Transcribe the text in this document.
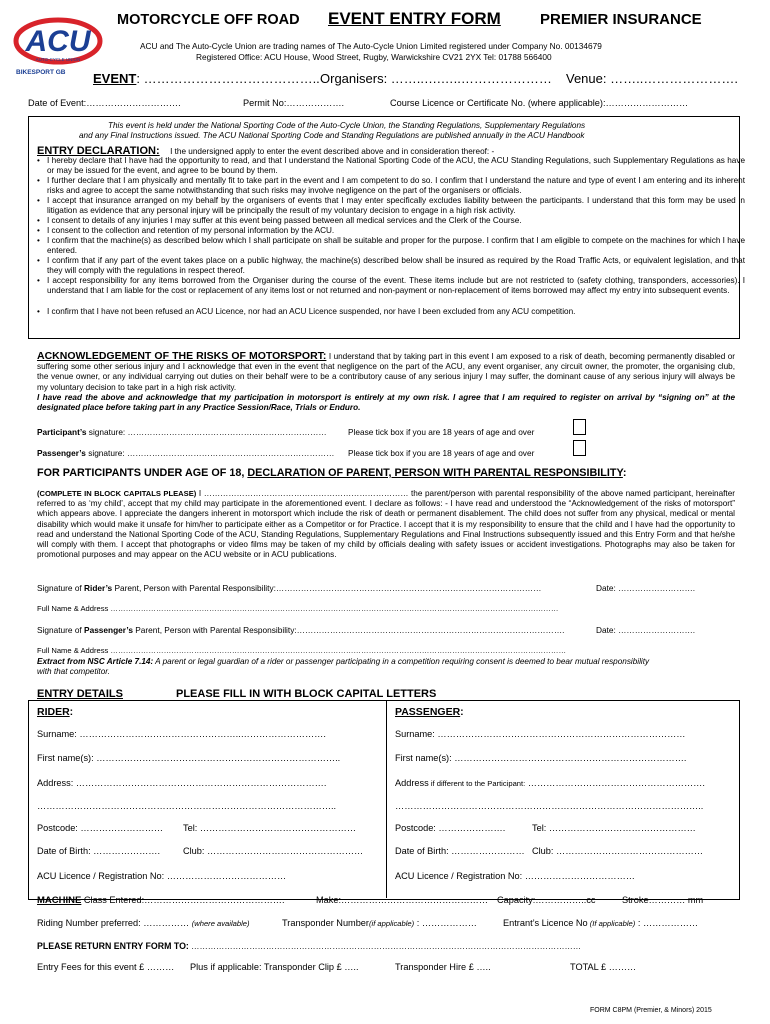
ACU
AUTO-CYCLE UNION
BIKESPORT GB
MOTORCYCLE OFF ROAD EVENT ENTRY FORM	PREMIER INSURANCE
ACU and The Auto-Cycle Union are trading names of The Auto-Cycle Union Limited registered under Company No. 00134679
Registered Office: ACU House, Wood Street, Rugby, Warwickshire CV21 2YX Tel: 01788 566400
EVENT: ………………………………….. Organisers: ……..….…..………………… Venue: ……..………………….
Date of Event:………………………….	Permit No:……………….	Course Licence or Certificate No. (where applicable):………………………
This event is held under the National Sporting Code of the Auto-Cycle Union, the Standing Regulations, Supplementary Regulations
and any Final Instructions issued. The ACU National Sporting Code and Standing Regulations are published annually in the ACU Handbook
ENTRY DECLARATION: I the undersigned apply to enter the event described above and in consideration thereof: -
• I hereby declare that I have had the opportunity to read, and that I understand the National Sporting Code of the ACU, the ACU Standing Regulations, such Supplementary Regulations as have or may be issued for the event, and agree to be bound by them.
• I further declare that I am physically and mentally fit to take part in the event and I am competent to do so. I confirm that I understand the nature and type of event I am entering and its inherent risks and agree to accept the same notwithstanding that such risks may involve negligence on the part of the organisers or officials.
• I accept that insurance arranged on my behalf by the organisers of events that I may enter specifically excludes liability between the participants. I understand that this form may be used in litigation as evidence that any personal injury will be principally the result of my voluntary decision to engage in a high risk activity.
• I consent to details of any injuries I may suffer at this event being passed between all medical services and the Clerk of the Course.
• I consent to the collection and retention of my personal information by the ACU.
• I confirm that the machine(s) as described below which I shall participate on shall be suitable and proper for the purpose. I confirm that I am eligible to compete on the machines for which I have entered.
• I confirm that if any part of the event takes place on a public highway, the machine(s) described below shall be insured as required by the Road Traffic Acts, or equivalent legislation, and that they will comply with the regulations in respect thereof.
• I accept responsibility for any items borrowed from the Organiser during the course of the event. These items include but are not restricted to (safety clothing, transponders, accessories). I understand that I am liable for the cost or replacement of any items lost or not returned and non-payment or non-replacement of items borrowed may affect my entry into subsequent events.
• I confirm that I have not been refused an ACU Licence, nor had an ACU Licence suspended, nor have I been excluded from any ACU competition.
ACKNOWLEDGEMENT OF THE RISKS OF MOTORSPORT: I understand that by taking part in this event I am exposed to a risk of death, becoming permanently disabled or suffering some other serious injury and I acknowledge that even in the event that negligence on the part of the ACU, any event organiser, any circuit owner, the promoter, the organising club, the venue owner, or any individual carrying out duties on their behalf were to be a contributory cause of any serious injury I may suffer, the dominant cause of any serious injury will always be my voluntary decision to take part in a high risk activity.
I have read the above and acknowledge that my participation in motorsport is entirely at my own risk. I agree that I am required to register on arrival by “signing on” at the designated place before taking part in any Practice Session/Race, Trials or Enduro.
Participant’s signature: ………………………………………………………………	Please tick box if you are 18 years of age and over
Passenger’s signature: ………………………………………………………………… Please tick box if you are 18 years of age and over
FOR PARTICIPANTS UNDER AGE OF 18, DECLARATION OF PARENT, PERSON WITH PARENTAL RESPONSIBILITY:
(COMPLETE IN BLOCK CAPITALS PLEASE) I ………………………………………………………………… the parent/person with parental responsibility of the above named participant, hereinafter referred to as ‘my child’, accept that my child may participate in the aforementioned event. I declare as follows: - I have read and understood the “Acknowledgement of the risks of motorsport” which appears above. I appreciate the dangers inherent in motorsport which include the risk of death or permanent disablement. The child does not suffer from any physical, medical or mental disability which would make it unsafe for him/her to participate either as a Competitor or for Practice. I accept that it is my responsibility to ensure that the child and I have had the opportunity to read and understand the National Sporting Code of the ACU, Standing Regulations, Supplementary Regulations and Final Instructions subsequently issued and this Entry Form and that he/she will comply with them. I accept that photographs or video films may be taken of my child by officials dealing with safety issues or accident investigations. Photographs may also be taken for promotional purposes and may appear on the ACU website or in ACU publications.
Signature of Rider’s Parent, Person with Parental Responsibility:……………………………………………………………………………………	Date: ……………………….
Full Name & Address ……………………………………………………………………………………………………………………………………………………………
Signature of Passenger’s Parent, Person with Parental Responsibility:…………………………………………………………………………………….	Date: ……………………….
Full Name & Address ………………………………………………………………………………………………………………………………………………………………
Extract from NSC Article 7.14: A parent or legal guardian of a rider or passenger participating in a competition requiring consent is deemed to bear mutual responsibility
with that competitor.
ENTRY DETAILS	PLEASE FILL IN WITH BLOCK CAPITAL LETTERS
RIDER:	PASSENGER:
Surname: ……………………………………………..……………………….
First name(s): ……………………………………………………………………..
Address: ……………………………………………………………………….
……………………………………………………………………………………..
Postcode: ……………………… Tel: ……………………………………………
Date of Birth: …………………. Club: ……………………………………………
ACU Licence / Registration No: …………………………………
Surname: ………………………………………………………………………
First name(s): ………………………………………………………………….
Address if different to the Participant: ………………………………………………….
………………………………………………………………………………………..
Postcode: ………………….	Tel: …………………………………………
Date of Birth: …………………… Club: …………………………………………
ACU Licence / Registration No: ………………………………
MACHINE Class Entered:……………………………………….	Make:………………………………………… Capacity:……………..cc	Stroke………… mm
Riding Number preferred: …………… (where available)	Transponder Number(if applicable) : ………………	Entrant’s Licence No (If applicable) : ………………
PLEASE RETURN ENTRY FORM TO: ……………………………………………………………………………………………………………………………
Entry Fees for this event £ ……… Plus if applicable: Transponder Clip £ …..	Transponder Hire £ …..	TOTAL £ ………
FORM C8PM (Premier, & Minors) 2015
